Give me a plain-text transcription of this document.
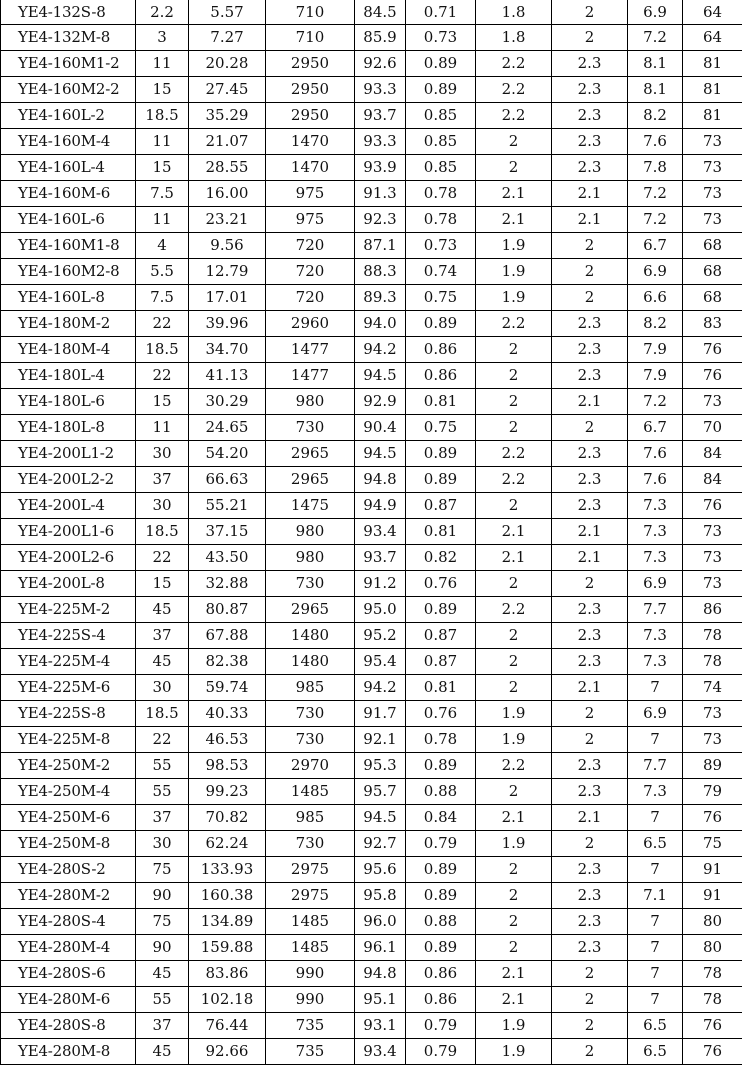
YE4-132S-8	2.2	5.57	710	84.5	0.71	1.8	2	6.9	64
YE4-132M-8	3	7.27	710	85.9	0.73	1.8	2	7.2	64
YE4-160M1-2	11	20.28	2950	92.6	0.89	2.2	2.3	8.1	81
YE4-160M2-2	15	27.45	2950	93.3	0.89	2.2	2.3	8.1	81
YE4-160L-2	18.5	35.29	2950	93.7	0.85	2.2	2.3	8.2	81
YE4-160M-4	11	21.07	1470	93.3	0.85	2	2.3	7.6	73
YE4-160L-4	15	28.55	1470	93.9	0.85	2	2.3	7.8	73
YE4-160M-6	7.5	16.00	975	91.3	0.78	2.1	2.1	7.2	73
YE4-160L-6	11	23.21	975	92.3	0.78	2.1	2.1	7.2	73
YE4-160M1-8	4	9.56	720	87.1	0.73	1.9	2	6.7	68
YE4-160M2-8	5.5	12.79	720	88.3	0.74	1.9	2	6.9	68
YE4-160L-8	7.5	17.01	720	89.3	0.75	1.9	2	6.6	68
YE4-180M-2	22	39.96	2960	94.0	0.89	2.2	2.3	8.2	83
YE4-180M-4	18.5	34.70	1477	94.2	0.86	2	2.3	7.9	76
YE4-180L-4	22	41.13	1477	94.5	0.86	2	2.3	7.9	76
YE4-180L-6	15	30.29	980	92.9	0.81	2	2.1	7.2	73
YE4-180L-8	11	24.65	730	90.4	0.75	2	2	6.7	70
YE4-200L1-2	30	54.20	2965	94.5	0.89	2.2	2.3	7.6	84
YE4-200L2-2	37	66.63	2965	94.8	0.89	2.2	2.3	7.6	84
YE4-200L-4	30	55.21	1475	94.9	0.87	2	2.3	7.3	76
YE4-200L1-6	18.5	37.15	980	93.4	0.81	2.1	2.1	7.3	73
YE4-200L2-6	22	43.50	980	93.7	0.82	2.1	2.1	7.3	73
YE4-200L-8	15	32.88	730	91.2	0.76	2	2	6.9	73
YE4-225M-2	45	80.87	2965	95.0	0.89	2.2	2.3	7.7	86
YE4-225S-4	37	67.88	1480	95.2	0.87	2	2.3	7.3	78
YE4-225M-4	45	82.38	1480	95.4	0.87	2	2.3	7.3	78
YE4-225M-6	30	59.74	985	94.2	0.81	2	2.1	7	74
YE4-225S-8	18.5	40.33	730	91.7	0.76	1.9	2	6.9	73
YE4-225M-8	22	46.53	730	92.1	0.78	1.9	2	7	73
YE4-250M-2	55	98.53	2970	95.3	0.89	2.2	2.3	7.7	89
YE4-250M-4	55	99.23	1485	95.7	0.88	2	2.3	7.3	79
YE4-250M-6	37	70.82	985	94.5	0.84	2.1	2.1	7	76
YE4-250M-8	30	62.24	730	92.7	0.79	1.9	2	6.5	75
YE4-280S-2	75	133.93	2975	95.6	0.89	2	2.3	7	91
YE4-280M-2	90	160.38	2975	95.8	0.89	2	2.3	7.1	91
YE4-280S-4	75	134.89	1485	96.0	0.88	2	2.3	7	80
YE4-280M-4	90	159.88	1485	96.1	0.89	2	2.3	7	80
YE4-280S-6	45	83.86	990	94.8	0.86	2.1	2	7	78
YE4-280M-6	55	102.18	990	95.1	0.86	2.1	2	7	78
YE4-280S-8	37	76.44	735	93.1	0.79	1.9	2	6.5	76
YE4-280M-8	45	92.66	735	93.4	0.79	1.9	2	6.5	76
